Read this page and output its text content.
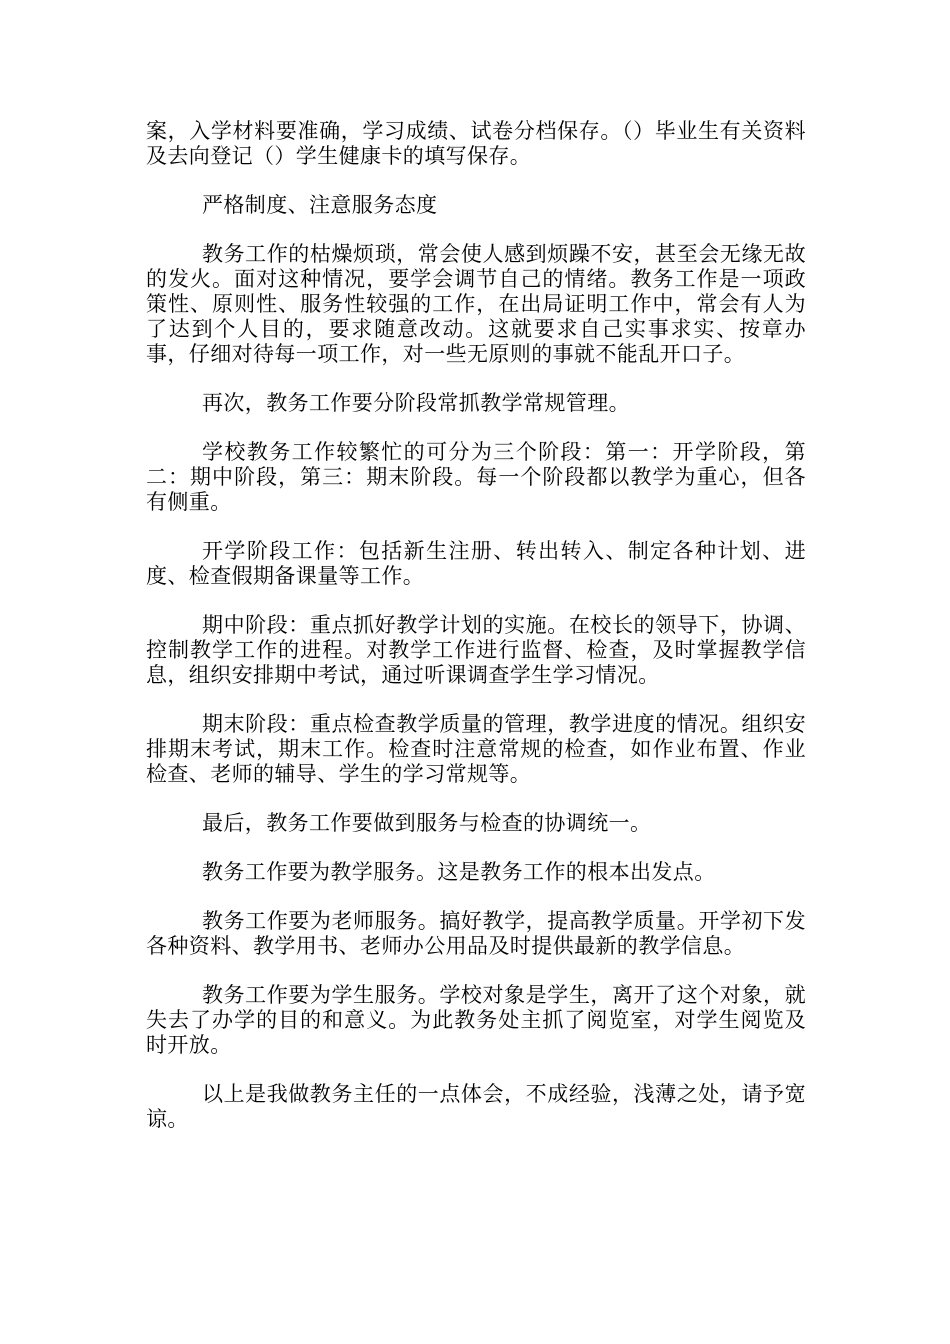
案，入学材料要准确，学习成绩、试卷分档保存。（）毕业生有关资料及去向登记（）学生健康卡的填写保存。

严格制度、注意服务态度

教务工作的枯燥烦琐，常会使人感到烦躁不安，甚至会无缘无故的发火。面对这种情况，要学会调节自己的情绪。教务工作是一项政策性、原则性、服务性较强的工作，在出局证明工作中，常会有人为了达到个人目的，要求随意改动。这就要求自己实事求实、按章办事，仔细对待每一项工作，对一些无原则的事就不能乱开口子。

再次，教务工作要分阶段常抓教学常规管理。

学校教务工作较繁忙的可分为三个阶段：第一：开学阶段，第二：期中阶段，第三：期末阶段。每一个阶段都以教学为重心，但各有侧重。

开学阶段工作：包括新生注册、转出转入、制定各种计划、进度、检查假期备课量等工作。

期中阶段：重点抓好教学计划的实施。在校长的领导下，协调、控制教学工作的进程。对教学工作进行监督、检查，及时掌握教学信息，组织安排期中考试，通过听课调查学生学习情况。

期末阶段：重点检查教学质量的管理，教学进度的情况。组织安排期末考试，期末工作。检查时注意常规的检查，如作业布置、作业检查、老师的辅导、学生的学习常规等。

最后，教务工作要做到服务与检查的协调统一。

教务工作要为教学服务。这是教务工作的根本出发点。

教务工作要为老师服务。搞好教学，提高教学质量。开学初下发各种资料、教学用书、老师办公用品及时提供最新的教学信息。

教务工作要为学生服务。学校对象是学生，离开了这个对象，就失去了办学的目的和意义。为此教务处主抓了阅览室，对学生阅览及时开放。

以上是我做教务主任的一点体会，不成经验，浅薄之处，请予宽谅。
